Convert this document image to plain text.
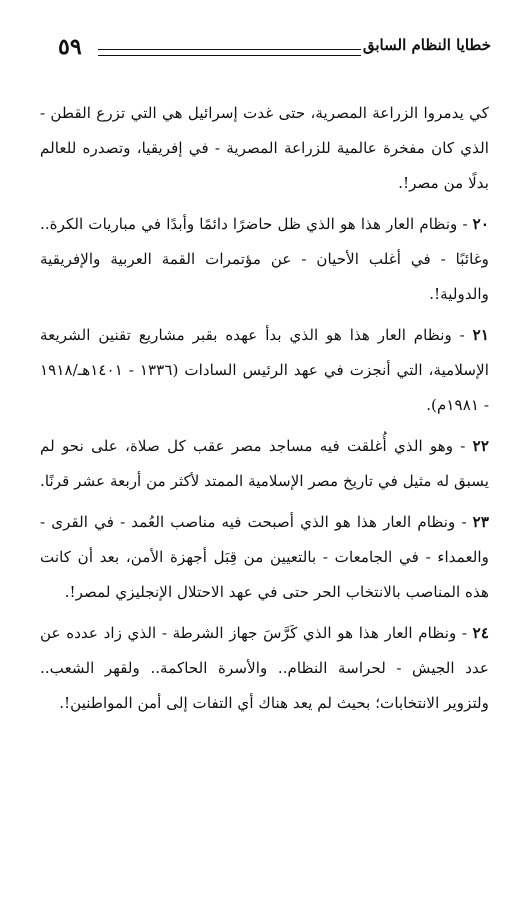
٥٩	خطايا النظام السابق

كي يدمروا الزراعة المصرية، حتى غدت إسرائيل هي التي تزرع القطن - الذي كان مفخرة عالمية للزراعة المصرية - في إفريقيا، وتصدره للعالم بدلًا من مصر!.

٢٠ - ونظام العار هذا هو الذي ظل حاضرًا دائمًا وأبدًا في مباريات الكرة.. وغائبًا - في أغلب الأحيان - عن مؤتمرات القمة العربية والإفريقية والدولية!.

٢١ - ونظام العار هذا هو الذي بدأ عهده بقبر مشاريع تقنين الشريعة الإسلامية، التي أنجزت في عهد الرئيس السادات (١٣٣٦ - ١٤٠١هـ/١٩١٨ - ١٩٨١م).

٢٢ - وهو الذي أُغلقت فيه مساجد مصر عقب كل صلاة، على نحو لم يسبق له مثيل في تاريخ مصر الإسلامية الممتد لأكثر من أربعة عشر قرنًا.

٢٣ - ونظام العار هذا هو الذي أصبحت فيه مناصب العُمد - في القرى - والعمداء - في الجامعات - بالتعيين من قِبَل أجهزة الأمن، بعد أن كانت هذه المناصب بالانتخاب الحر حتى في عهد الاحتلال الإنجليزي لمصر!.

٢٤ - ونظام العار هذا هو الذي كَرَّسَ جهاز الشرطة - الذي زاد عدده عن عدد الجيش - لحراسة النظام.. والأسرة الحاكمة.. ولقهر الشعب.. ولتزوير الانتخابات؛ بحيث لم يعد هناك أي التفات إلى أمن المواطنين!.
